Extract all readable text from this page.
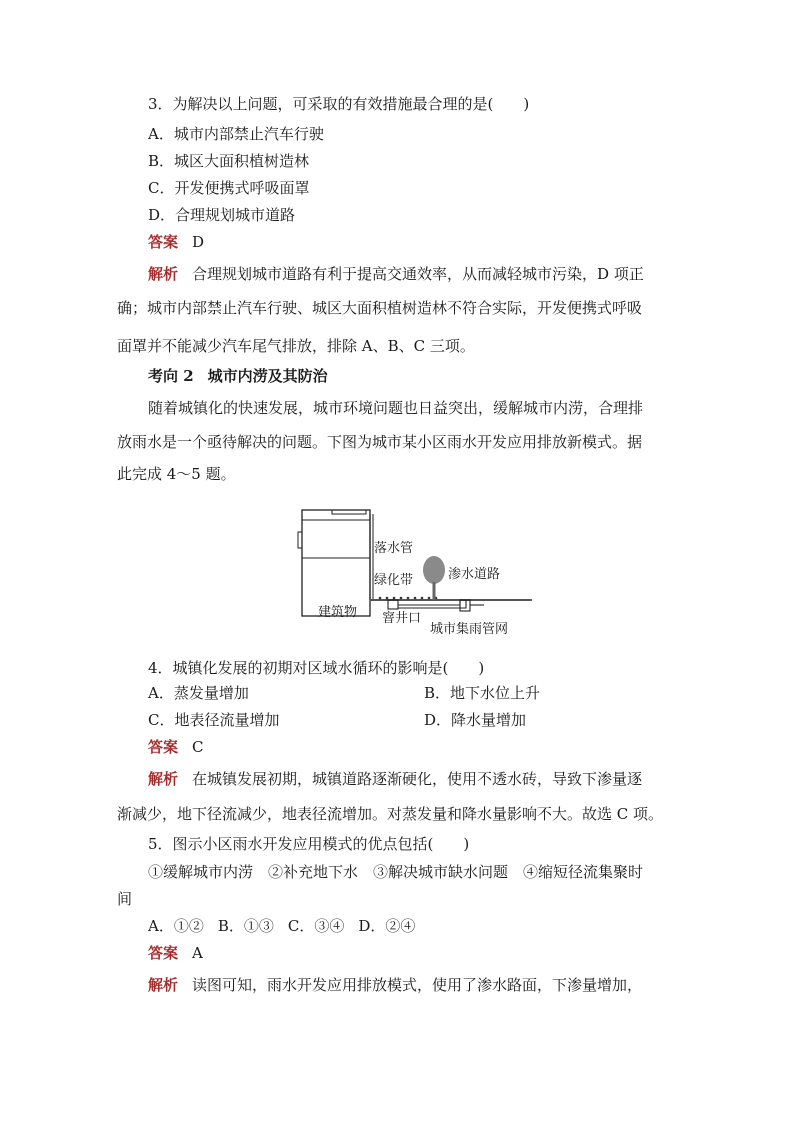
3．为解决以上问题，可采取的有效措施最合理的是(　　)
A．城市内部禁止汽车行驶
B．城区大面积植树造林
C．开发便携式呼吸面罩
D．合理规划城市道路
答案 D
解析 合理规划城市道路有利于提高交通效率，从而减轻城市污染，D 项正
确；城市内部禁止汽车行驶、城区大面积植树造林不符合实际，开发便携式呼吸
面罩并不能减少汽车尾气排放，排除 A、B、C 三项。
考向 2 城市内涝及其防治
随着城镇化的快速发展，城市环境问题也日益突出，缓解城市内涝，合理排
放雨水是一个亟待解决的问题。下图为城市某小区雨水开发应用排放新模式。据
此完成 4～5 题。
落水管
绿化带	渗水道路
建筑物 窨井口
城市集雨管网
4．城镇化发展的初期对区域水循环的影响是(　　)
A．蒸发量增加	B．地下水位上升
C．地表径流量增加	D．降水量增加
答案 C
解析 在城镇发展初期，城镇道路逐渐硬化，使用不透水砖，导致下渗量逐
渐减少，地下径流减少，地表径流增加。对蒸发量和降水量影响不大。故选 C 项。
5．图示小区雨水开发应用模式的优点包括(　　)
①缓解城市内涝　②补充地下水　③解决城市缺水问题　④缩短径流集聚时
间
A．①② B．①③ C．③④ D．②④
答案 A
解析 读图可知，雨水开发应用排放模式，使用了渗水路面，下渗量增加，
